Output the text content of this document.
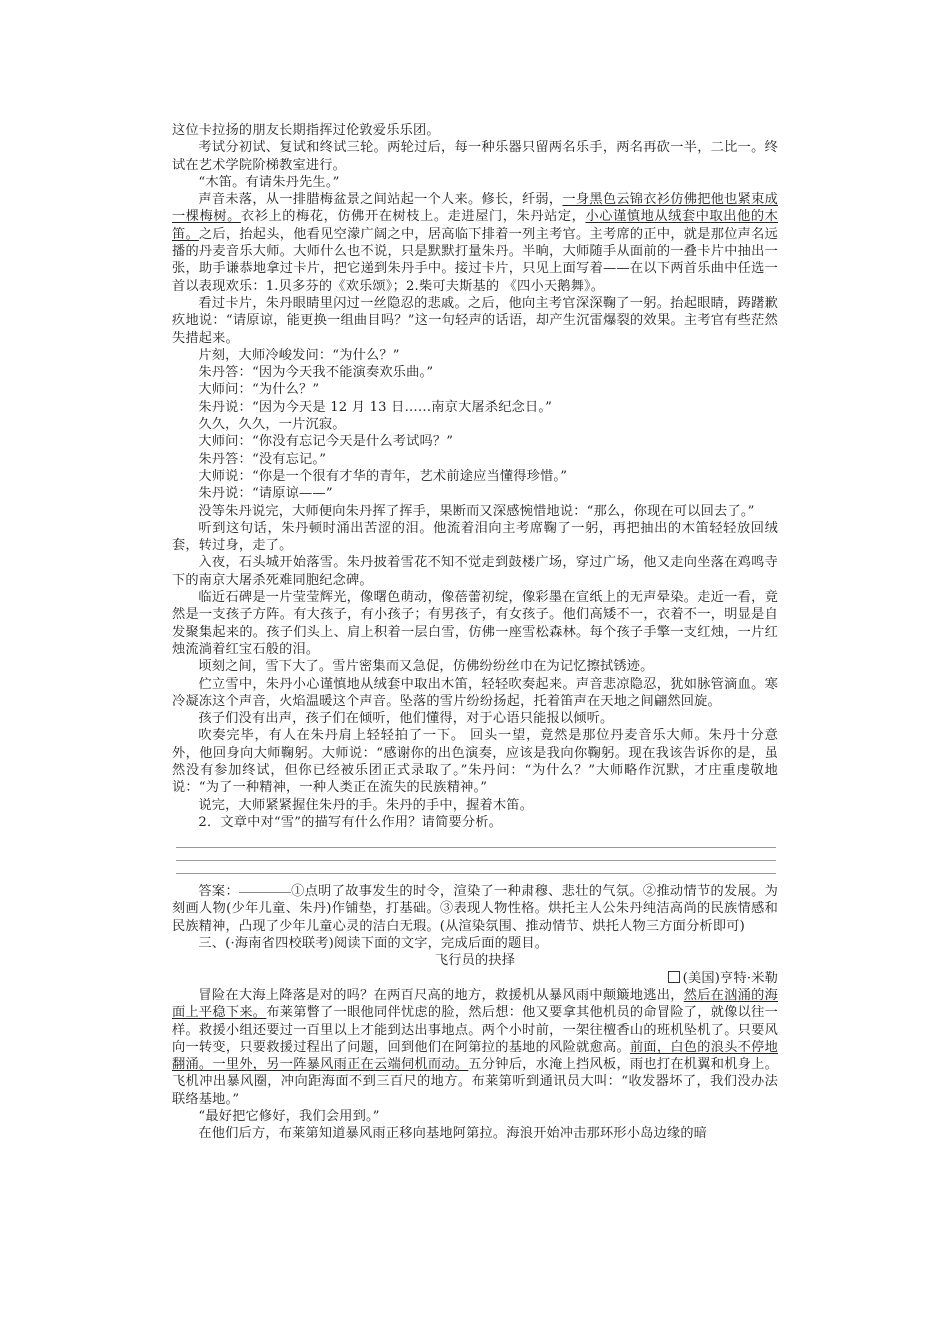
这位卡拉扬的朋友长期指挥过伦敦爱乐乐团。

考试分初试、复试和终试三轮。两轮过后，每一种乐器只留两名乐手，两名再砍一半，二比一。终试在艺术学院阶梯教室进行。

“木笛。有请朱丹先生。”

声音未落，从一排腊梅盆景之间站起一个人来。修长，纤弱，一身黑色云锦衣衫仿佛把他也紧束成一棵梅树。衣衫上的梅花，仿佛开在树枝上。走进屋门，朱丹站定，小心谨慎地从绒套中取出他的木笛。之后，抬起头，他看见空濛广阔之中，居高临下排着一列主考官。主考席的正中，就是那位声名远播的丹麦音乐大师。大师什么也不说，只是默默打量朱丹。半晌，大师随手从面前的一叠卡片中抽出一张，助手谦恭地拿过卡片，把它递到朱丹手中。接过卡片，只见上面写着——在以下两首乐曲中任选一首以表现欢乐：1.贝多芬的《欢乐颂》；2.柴可夫斯基的 《四小天鹅舞》。

看过卡片，朱丹眼睛里闪过一丝隐忍的悲戚。之后，他向主考官深深鞠了一躬。抬起眼睛，踌躇歉疚地说：“请原谅，能更换一组曲目吗？”这一句轻声的话语，却产生沉雷爆裂的效果。主考官有些茫然失措起来。

片刻，大师冷峻发问：“为什么？”

朱丹答：“因为今天我不能演奏欢乐曲。”

大师问：“为什么？”

朱丹说：“因为今天是 12 月 13 日……南京大屠杀纪念日。”

久久，久久，一片沉寂。

大师问：“你没有忘记今天是什么考试吗？”

朱丹答：“没有忘记。”

大师说：“你是一个很有才华的青年，艺术前途应当懂得珍惜。”

朱丹说：“请原谅——”

没等朱丹说完，大师便向朱丹挥了挥手，果断而又深感惋惜地说：“那么，你现在可以回去了。”

听到这句话，朱丹顿时涌出苦涩的泪。他流着泪向主考席鞠了一躬，再把抽出的木笛轻轻放回绒套，转过身，走了。

入夜，石头城开始落雪。朱丹披着雪花不知不觉走到鼓楼广场，穿过广场，他又走向坐落在鸡鸣寺下的南京大屠杀死难同胞纪念碑。

临近石碑是一片莹莹辉光，像曙色萌动，像蓓蕾初绽，像彩墨在宣纸上的无声晕染。走近一看，竟然是一支孩子方阵。有大孩子，有小孩子；有男孩子，有女孩子。他们高矮不一，衣着不一，明显是自发聚集起来的。孩子们头上、肩上积着一层白雪，仿佛一座雪松森林。每个孩子手擎一支红烛，一片红烛流淌着红宝石般的泪。

顷刻之间，雪下大了。雪片密集而又急促，仿佛纷纷丝巾在为记忆擦拭锈迹。

伫立雪中，朱丹小心谨慎地从绒套中取出木笛，轻轻吹奏起来。声音悲凉隐忍，犹如脉管滴血。寒冷凝冻这个声音，火焰温暖这个声音。坠落的雪片纷纷扬起，托着笛声在天地之间翩然回旋。

孩子们没有出声，孩子们在倾听，他们懂得，对于心语只能报以倾听。

吹奏完毕，有人在朱丹肩上轻轻拍了一下。 回头一望，竟然是那位丹麦音乐大师。朱丹十分意外，他回身向大师鞠躬。大师说：“感谢你的出色演奏，应该是我向你鞠躬。现在我该告诉你的是，虽然没有参加终试，但你已经被乐团正式录取了。”朱丹问：“为什么？”大师略作沉默，才庄重虔敬地说：“为了一种精神，一种人类正在流失的民族精神。”

说完，大师紧紧握住朱丹的手。朱丹的手中，握着木笛。

2．文章中对“雪”的描写有什么作用？请简要分析。

答案：	①点明了故事发生的时令，渲染了一种肃穆、悲壮的气氛。②推动情节的发展。为刻画人物(少年儿童、朱丹)作铺垫，打基础。③表现人物性格。烘托主人公朱丹纯洁高尚的民族情感和民族精神，凸现了少年儿童心灵的洁白无瑕。(从渲染氛围、推动情节、烘托人物三方面分析即可)

三、(·海南省四校联考)阅读下面的文字，完成后面的题目。

飞行员的抉择

(美国)亨特·米勒

冒险在大海上降落是对的吗？在两百尺高的地方，救援机从暴风雨中颠簸地逃出，然后在汹涌的海面上平稳下来。布莱第瞥了一眼他同伴忧虑的脸，然后想：他又要拿其他机员的命冒险了，就像以往一样。救援小组还要过一百里以上才能到达出事地点。两个小时前，一架往檀香山的班机坠机了。只要风向一转变，只要救援过程出了问题，回到他们在阿第拉的基地的风险就愈高。前面，白色的浪头不停地翻涌。一里外，另一阵暴风雨正在云端伺机而动。五分钟后，水淹上挡风板，雨也打在机翼和机身上。飞机冲出暴风圈，冲向距海面不到三百尺的地方。布莱第听到通讯员大叫：“收发器坏了，我们没办法联络基地。”

“最好把它修好，我们会用到。”

在他们后方，布莱第知道暴风雨正移向基地阿第拉。海浪开始冲击那环形小岛边缘的暗
